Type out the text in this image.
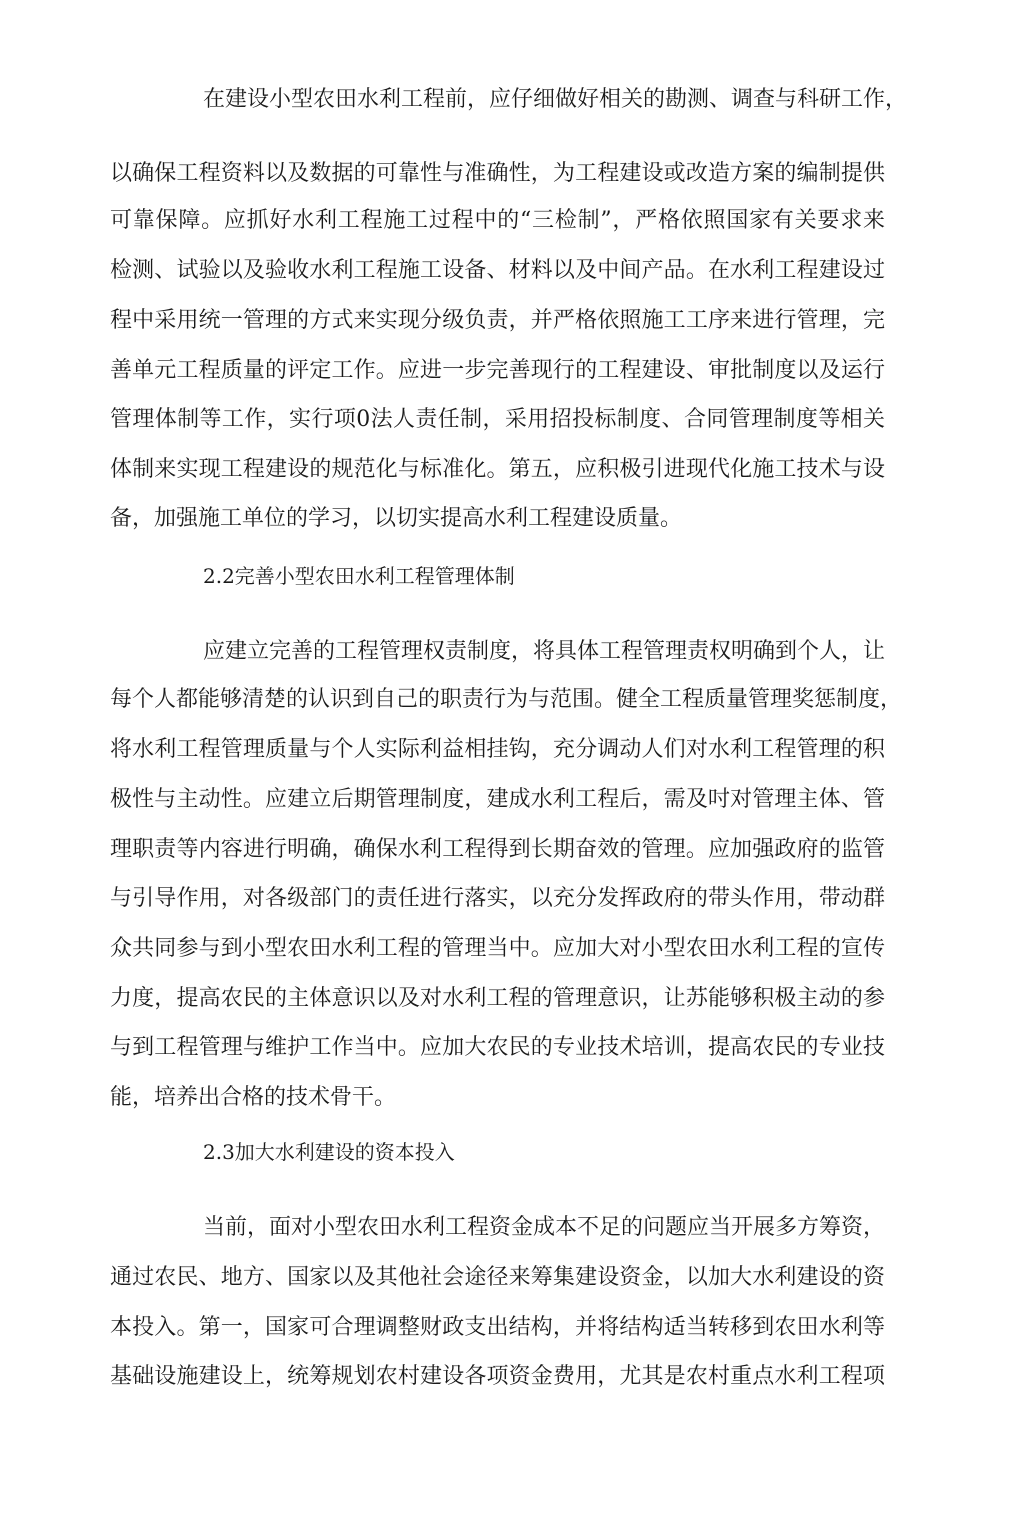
在建设小型农田水利工程前，应仔细做好相关的勘测、调查与科研工作，
以确保工程资料以及数据的可靠性与准确性，为工程建设或改造方案的编制提供
可靠保障。应抓好水利工程施工过程中的“三检制”，严格依照国家有关要求来
检测、试验以及验收水利工程施工设备、材料以及中间产品。在水利工程建设过
程中采用统一管理的方式来实现分级负责，并严格依照施工工序来进行管理，完
善单元工程质量的评定工作。应进一步完善现行的工程建设、审批制度以及运行
管理体制等工作，实行项0法人责任制，采用招投标制度、合同管理制度等相关
体制来实现工程建设的规范化与标准化。第五，应积极引进现代化施工技术与设
备，加强施工单位的学习，以切实提高水利工程建设质量。
2.2完善小型农田水利工程管理体制
应建立完善的工程管理权责制度，将具体工程管理责权明确到个人，让
每个人都能够清楚的认识到自己的职责行为与范围。健全工程质量管理奖惩制度，
将水利工程管理质量与个人实际利益相挂钩，充分调动人们对水利工程管理的积
极性与主动性。应建立后期管理制度，建成水利工程后，需及吋对管理主体、管
理职责等内容进行明确，确保水利工程得到长期奋效的管理。应加强政府的监管
与引导作用，对各级部门的责任进行落实，以充分发挥政府的带头作用，带动群
众共同参与到小型农田水利工程的管理当中。应加大对小型农田水利工程的宣传
力度，提高农民的主体意识以及对水利工程的管理意识，让苏能够积极主动的参
与到工程管理与维护工作当中。应加大农民的专业技术培训，提高农民的专业技
能，培养出合格的技术骨干。
2.3加大水利建设的资本投入
当前，面对小型农田水利工程资金成本不足的问题应当开展多方筹资，
通过农民、地方、国家以及其他社会途径来筹集建设资金，以加大水利建设的资
本投入。第一，国家可合理调整财政支出结构，并将结构适当转移到农田水利等
基础设施建设上，统筹规划农村建设各项资金费用，尤其是农村重点水利工程项
